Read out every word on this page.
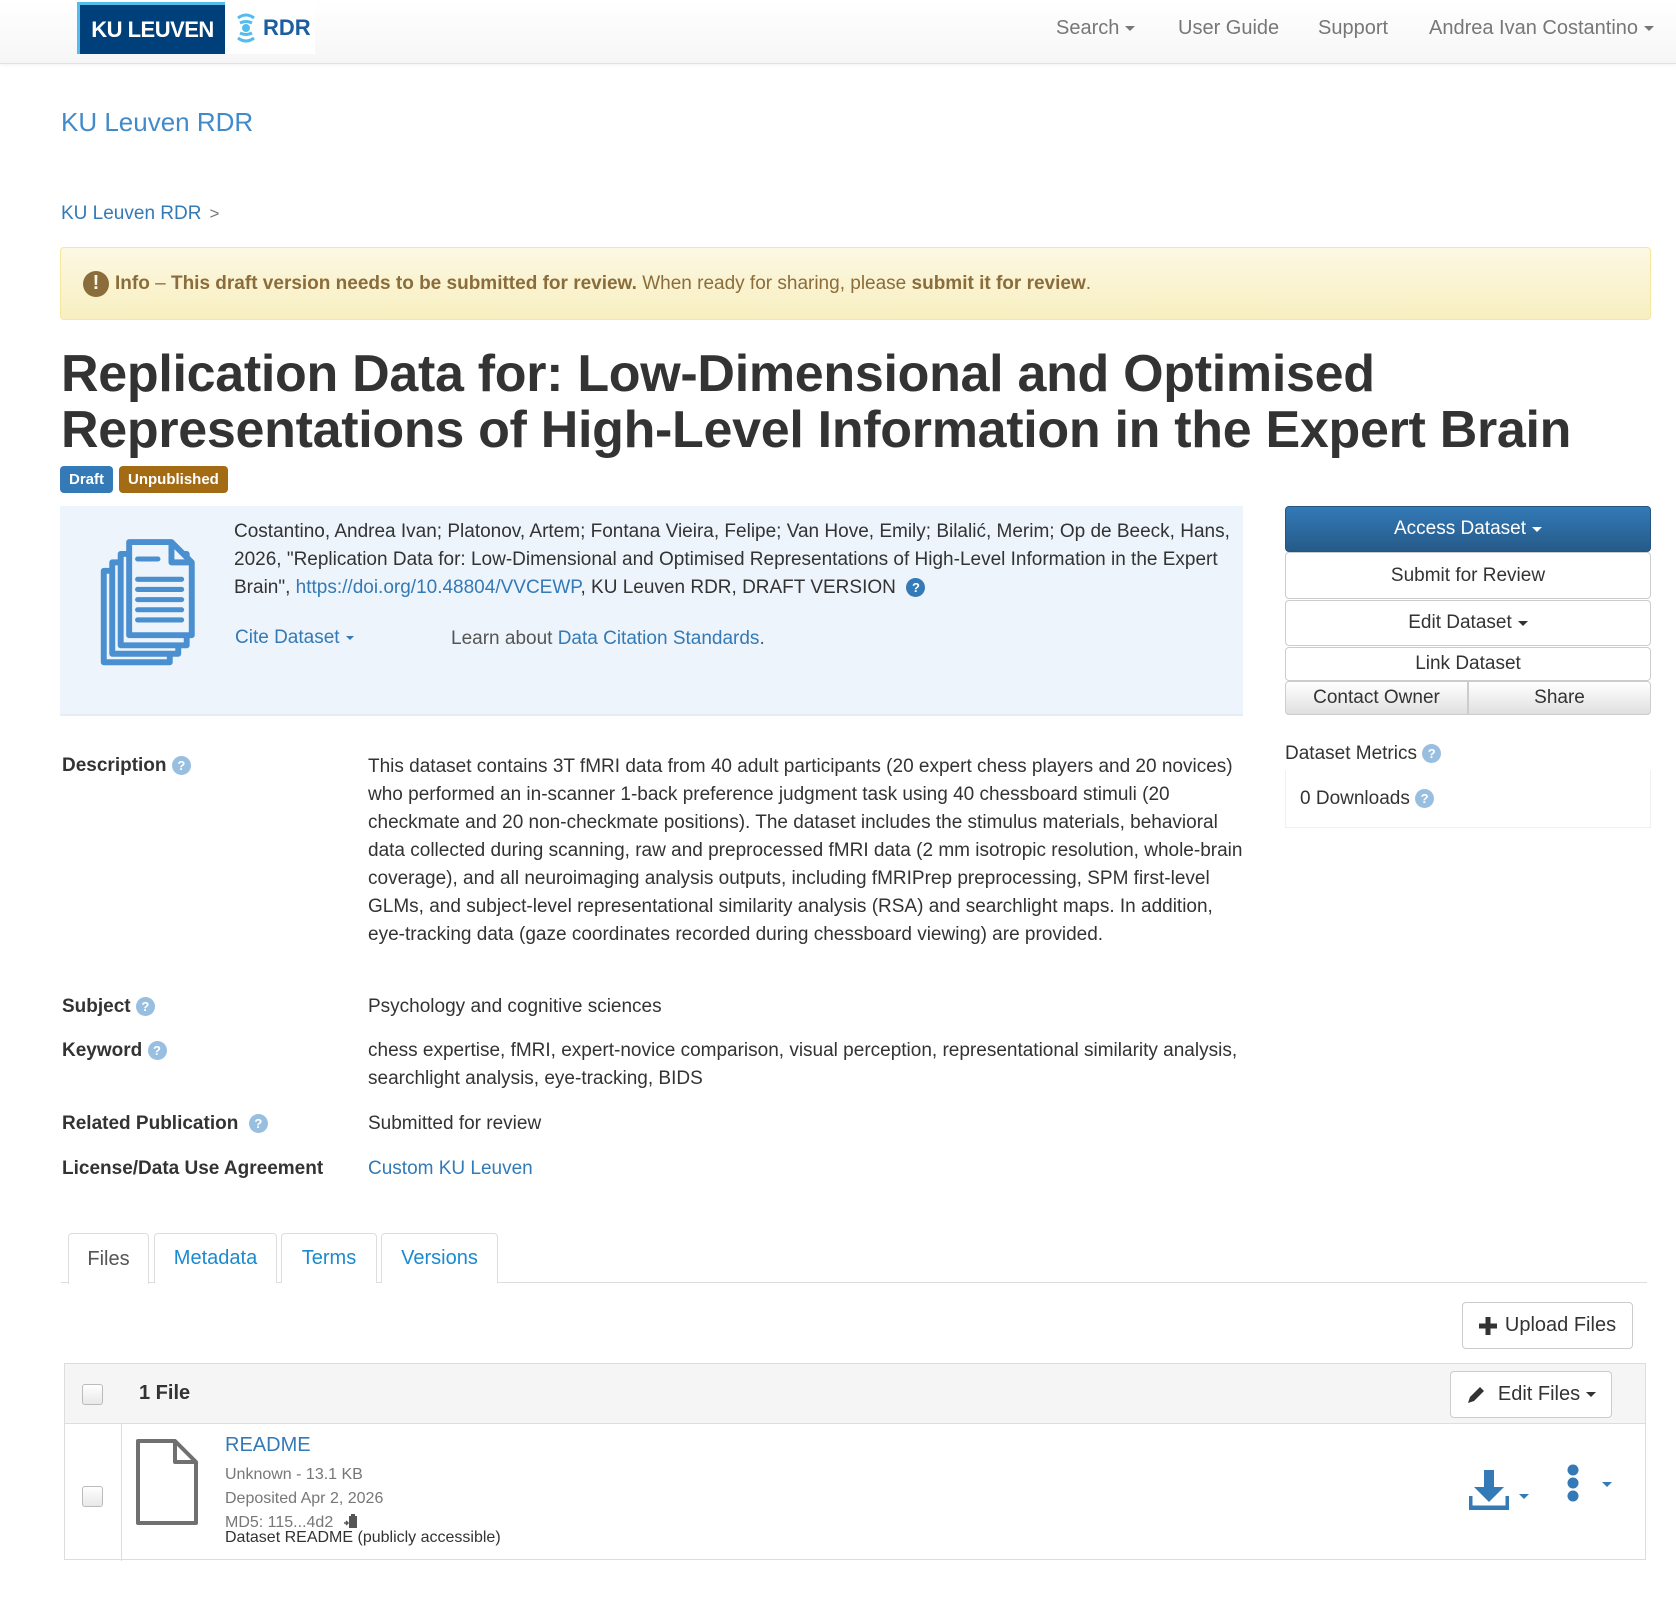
KU LEUVEN RDR	Search	User Guide Support Andrea Ivan Costantino
KU Leuven RDR
KU Leuven RDR >
! Info
–
This draft version needs to be submitted for review.
When ready for sharing, please
submit it for review .
Replication Data for: Low-Dimensional and Optimised Representations of High-Level Information in the Expert Brain
Draft	Unpublished
Costantino, Andrea Ivan; Platonov, Artem; Fontana Vieira, Felipe; Van Hove, Emily; Bilalić, Merim; Op de Beeck, Hans, 2026, "Replication Data for: Low-Dimensional and Optimised Representations of High-Level Information in the Expert Brain", https://doi.org/10.48804/VVCEWP, KU Leuven RDR, DRAFT VERSION ?
Cite Dataset	Learn about Data Citation Standards.
Access Dataset
Submit for Review
Edit Dataset
Link Dataset
Contact Owner	Share
Dataset Metrics ?
0 Downloads ?
Description ?	This dataset contains 3T fMRI data from 40 adult participants (20 expert chess players and 20 novices) who performed an in-scanner 1-back preference judgment task using 40 chessboard stimuli (20 checkmate and 20 non-checkmate positions). The dataset includes the stimulus materials, behavioral data collected during scanning, raw and preprocessed fMRI data (2 mm isotropic resolution, whole-brain coverage), and all neuroimaging analysis outputs, including fMRIPrep preprocessing, SPM first-level GLMs, and subject-level representational similarity analysis (RSA) and searchlight maps. In addition, eye-tracking data (gaze coordinates recorded during chessboard viewing) are provided.
Subject ?	Psychology and cognitive sciences
Keyword ?	chess expertise, fMRI, expert-novice comparison, visual perception, representational similarity analysis, searchlight analysis, eye-tracking, BIDS
Related Publication ?	Submitted for review
License/Data Use Agreement Custom KU Leuven
Files Metadata Terms Versions
Upload Files
1 File	Edit Files
README
Unknown - 13.1 KB
Deposited Apr 2, 2026
MD5: 115...4d2
Dataset README (publicly accessible)
